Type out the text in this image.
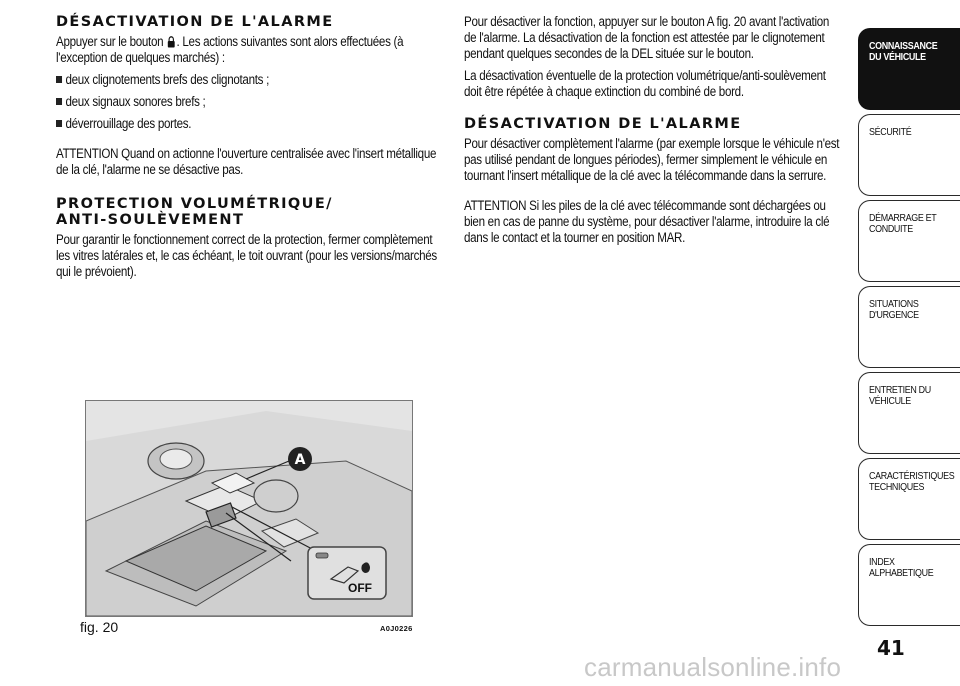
DÉSACTIVATION DE L'ALARME

Appuyer sur le bouton . Les actions suivantes sont alors effectuées (à l'exception de quelques marchés) :

deux clignotements brefs des clignotants ;
deux signaux sonores brefs ;
déverrouillage des portes.

ATTENTION Quand on actionne l'ouverture centralisée avec l'insert métallique de la clé, l'alarme ne se désactive pas.

PROTECTION VOLUMÉTRIQUE/
ANTI-SOULÈVEMENT

Pour garantir le fonctionnement correct de la protection, fermer complètement les vitres latérales et, le cas échéant, le toit ouvrant (pour les versions/marchés qui le prévoient).

Pour désactiver la fonction, appuyer sur le bouton A fig. 20 avant l'activation de l'alarme. La désactivation de la fonction est attestée par le clignotement pendant quelques secondes de la DEL située sur le bouton.

La désactivation éventuelle de la protection volumétrique/anti-soulèvement doit être répétée à chaque extinction du combiné de bord.

DÉSACTIVATION DE L'ALARME

Pour désactiver complètement l'alarme (par exemple lorsque le véhicule n'est pas utilisé pendant de longues périodes), fermer simplement le véhicule en tournant l'insert métallique de la clé avec la télécommande dans la serrure.

ATTENTION Si les piles de la clé avec télécommande sont déchargées ou bien en cas de panne du système, pour désactiver l'alarme, introduire la clé dans le contact et la tourner en position MAR.

A
OFF
fig. 20	A0J0226
CONNAISSANCE
DU VÉHICULE
SÉCURITÉ

DÉMARRAGE ET
CONDUITE
SITUATIONS
D'URGENCE
ENTRETIEN DU
VÉHICULE
CARACTÉRISTIQUES
TECHNIQUES
INDEX
ALPHABETIQUE
41
carmanualsonline.info
